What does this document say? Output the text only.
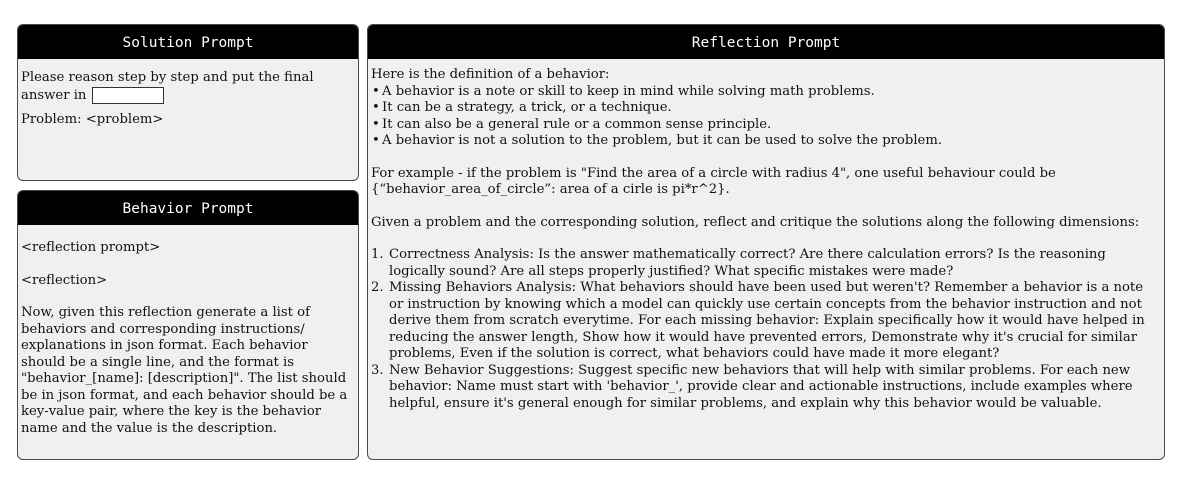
Solution Prompt

Please reason step by step and put the final answer in

Problem: <problem>

Behavior Prompt

<reflection prompt>

<reflection>

Now, given this reflection generate a list of behaviors and corresponding instructions/ explanations in json format. Each behavior should be a single line, and the format is "behavior_[name]: [description]". The list should be in json format, and each behavior should be a key-value pair, where the key is the behavior name and the value is the description.

Reflection Prompt

Here is the definition of a behavior:

• A behavior is a note or skill to keep in mind while solving math problems.
• It can be a strategy, a trick, or a technique.
• It can also be a general rule or a common sense principle.
• A behavior is not a solution to the problem, but it can be used to solve the problem.

For example - if the problem is "Find the area of a circle with radius 4", one useful behaviour could be {“behavior_area_of_circle”: area of a cirle is pi*r^2}.

Given a problem and the corresponding solution, reflect and critique the solutions along the following dimensions:

1. Correctness Analysis: Is the answer mathematically correct? Are there calculation errors? Is the reasoning logically sound? Are all steps properly justified? What specific mistakes were made?
2. Missing Behaviors Analysis: What behaviors should have been used but weren't? Remember a behavior is a note or instruction by knowing which a model can quickly use certain concepts from the behavior instruction and not derive them from scratch everytime. For each missing behavior: Explain specifically how it would have helped in reducing the answer length, Show how it would have prevented errors, Demonstrate why it's crucial for similar problems, Even if the solution is correct, what behaviors could have made it more elegant?
3. New Behavior Suggestions: Suggest specific new behaviors that will help with similar problems. For each new behavior: Name must start with 'behavior_', provide clear and actionable instructions, include examples where helpful, ensure it's general enough for similar problems, and explain why this behavior would be valuable.
